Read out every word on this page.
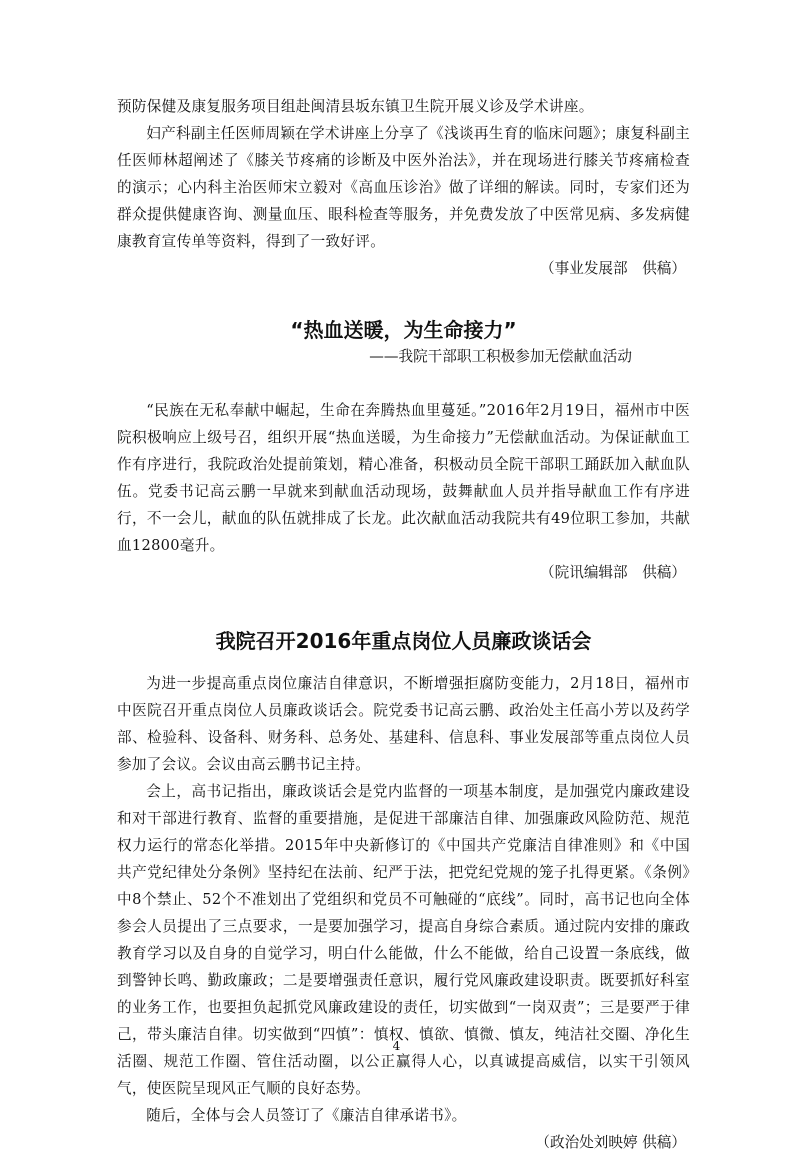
预防保健及康复服务项目组赴闽清县坂东镇卫生院开展义诊及学术讲座。

妇产科副主任医师周颖在学术讲座上分享了《浅谈再生育的临床问题》；康复科副主任医师林超阐述了《膝关节疼痛的诊断及中医外治法》，并在现场进行膝关节疼痛检查的演示；心内科主治医师宋立毅对《高血压诊治》做了详细的解读。同时，专家们还为群众提供健康咨询、测量血压、眼科检查等服务，并免费发放了中医常见病、多发病健康教育宣传单等资料，得到了一致好评。

（事业发展部　供稿）
“热血送暖，为生命接力”
——我院干部职工积极参加无偿献血活动

“民族在无私奉献中崛起，生命在奔腾热血里蔓延。”2016年2月19日，福州市中医院积极响应上级号召，组织开展“热血送暖，为生命接力”无偿献血活动。为保证献血工作有序进行，我院政治处提前策划，精心准备，积极动员全院干部职工踊跃加入献血队伍。党委书记高云鹏一早就来到献血活动现场，鼓舞献血人员并指导献血工作有序进行，不一会儿，献血的队伍就排成了长龙。此次献血活动我院共有49位职工参加，共献血12800毫升。

（院讯编辑部　供稿）
我院召开2016年重点岗位人员廉政谈话会

为进一步提高重点岗位廉洁自律意识，不断增强拒腐防变能力，2月18日，福州市中医院召开重点岗位人员廉政谈话会。院党委书记高云鹏、政治处主任高小芳以及药学部、检验科、设备科、财务科、总务处、基建科、信息科、事业发展部等重点岗位人员参加了会议。会议由高云鹏书记主持。

会上，高书记指出，廉政谈话会是党内监督的一项基本制度，是加强党内廉政建设和对干部进行教育、监督的重要措施，是促进干部廉洁自律、加强廉政风险防范、规范权力运行的常态化举措。2015年中央新修订的《中国共产党廉洁自律准则》和《中国共产党纪律处分条例》坚持纪在法前、纪严于法，把党纪党规的笼子扎得更紧。《条例》中8个禁止、52个不准划出了党组织和党员不可触碰的“底线”。同时，高书记也向全体参会人员提出了三点要求，一是要加强学习，提高自身综合素质。通过院内安排的廉政教育学习以及自身的自觉学习，明白什么能做，什么不能做，给自己设置一条底线，做到警钟长鸣、勤政廉政；二是要增强责任意识，履行党风廉政建设职责。既要抓好科室的业务工作，也要担负起抓党风廉政建设的责任，切实做到“一岗双责”；三是要严于律己，带头廉洁自律。切实做到“四慎”：慎权、慎欲、慎微、慎友，纯洁社交圈、净化生活圈、规范工作圈、管住活动圈，以公正赢得人心，以真诚提高威信，以实干引领风气，使医院呈现风正气顺的良好态势。

随后，全体与会人员签订了《廉洁自律承诺书》。

（政治处刘映婷 供稿）
4
